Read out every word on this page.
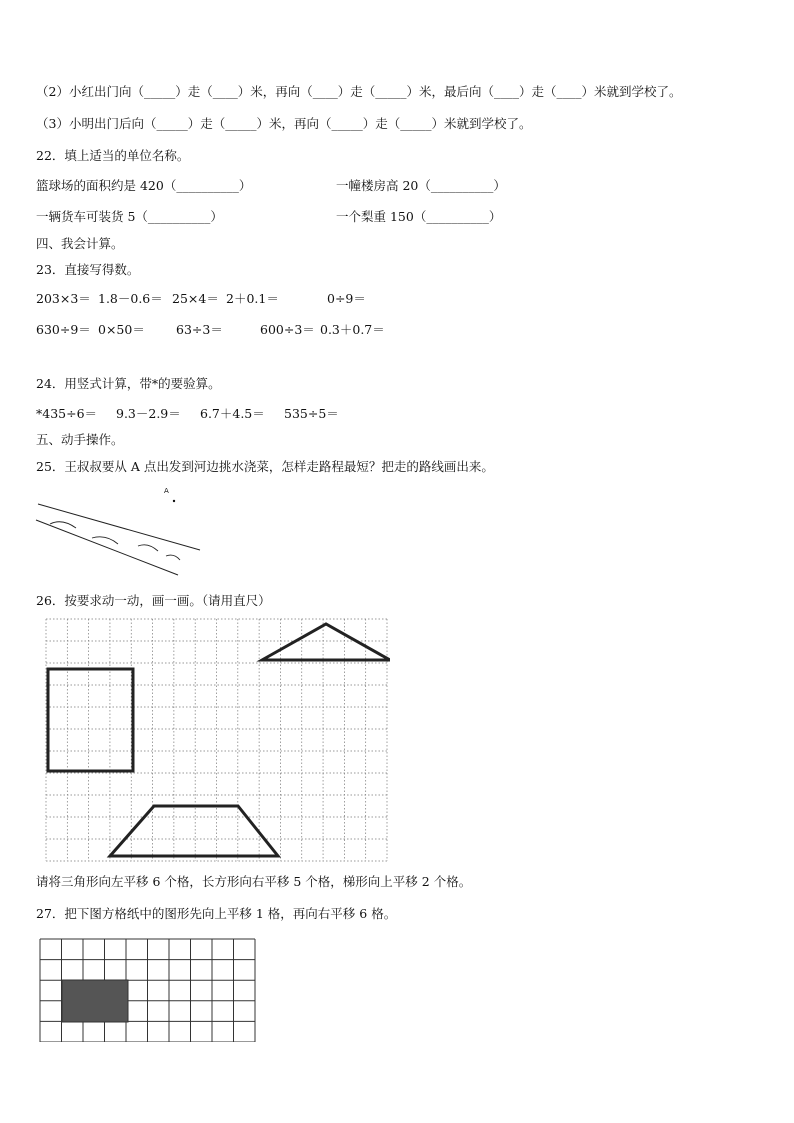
（2）小红出门向（_____）走（____）米，再向（____）走（_____）米，最后向（____）走（____）米就到学校了。
（3）小明出门后向（_____）走（_____）米，再向（_____）走（_____）米就到学校了。
22．填上适当的单位名称。
篮球场的面积约是 420（__________）	一幢楼房高 20（__________）
一辆货车可装货 5（__________）	一个梨重 150（__________）
四、我会计算。
23．直接写得数。
203×3＝ 1.8－0.6＝ 25×4＝ 2＋0.1＝	0÷9＝
630÷9＝ 0×50＝ 63÷3＝	600÷3＝ 0.3＋0.7＝
24．用竖式计算，带*的要验算。
*435÷6＝ 9.3－2.9＝ 6.7＋4.5＝ 535÷5＝
五、动手操作。
25．王叔叔要从 A 点出发到河边挑水浇菜，怎样走路程最短？把走的路线画出来。
A
26．按要求动一动，画一画。（请用直尺）
请将三角形向左平移 6 个格，长方形向右平移 5 个格，梯形向上平移 2 个格。
27．把下图方格纸中的图形先向上平移 1 格，再向右平移 6 格。
